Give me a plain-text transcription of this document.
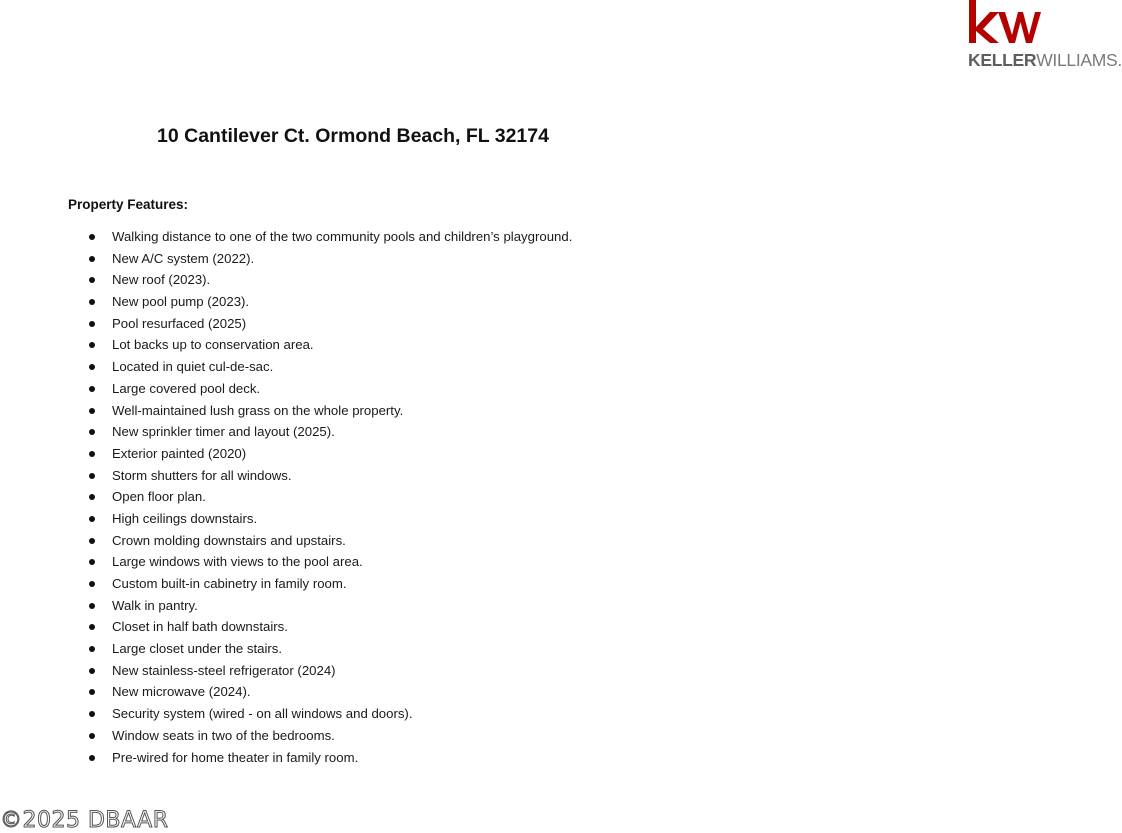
KELLERWILLIAMS.
10 Cantilever Ct. Ormond Beach, FL 32174
Property Features:
Walking distance to one of the two community pools and children’s playground.
New A/C system (2022).
New roof (2023).
New pool pump (2023).
Pool resurfaced (2025)
Lot backs up to conservation area.
Located in quiet cul-de-sac.
Large covered pool deck.
Well-maintained lush grass on the whole property.
New sprinkler timer and layout (2025).
Exterior painted (2020)
Storm shutters for all windows.
Open floor plan.
High ceilings downstairs.
Crown molding downstairs and upstairs.
Large windows with views to the pool area.
Custom built-in cabinetry in family room.
Walk in pantry.
Closet in half bath downstairs.
Large closet under the stairs.
New stainless-steel refrigerator (2024)
New microwave (2024).
Security system (wired - on all windows and doors).
Window seats in two of the bedrooms.
Pre-wired for home theater in family room.
©2025 DBAAR
